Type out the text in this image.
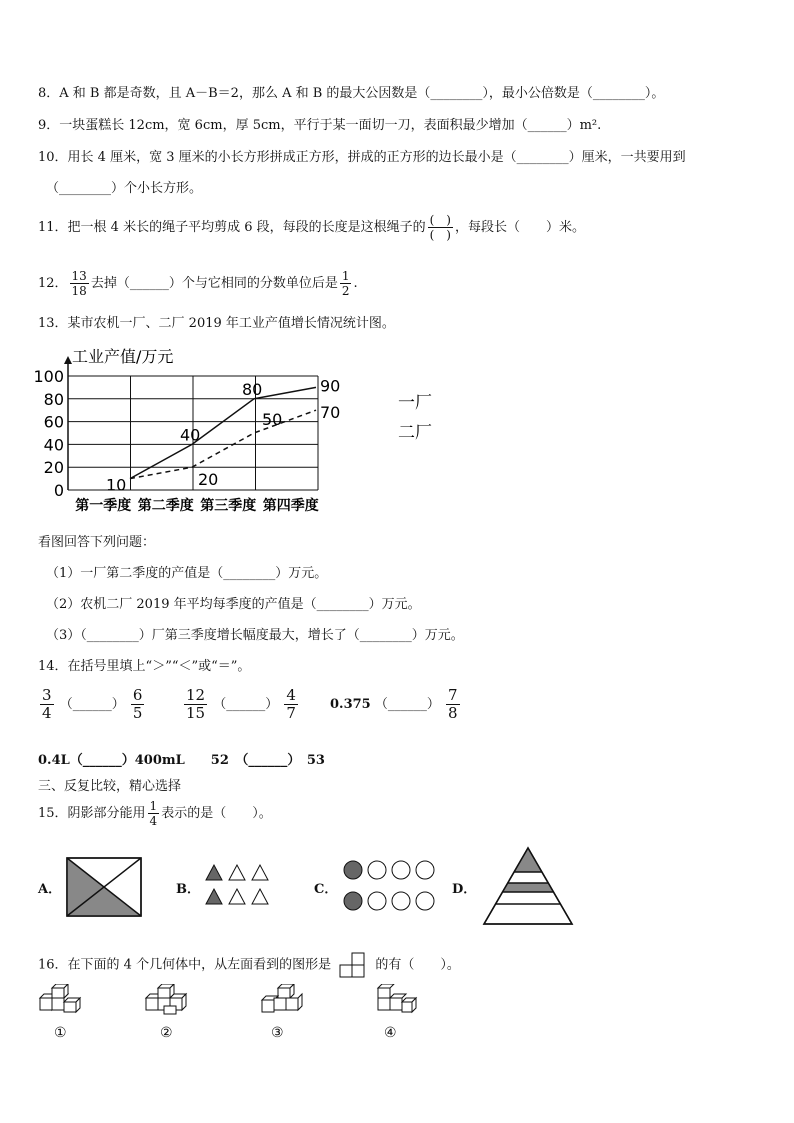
8．A 和 B 都是奇数，且 A－B＝2，那么 A 和 B 的最大公因数是（________），最小公倍数是（________）。
9．一块蛋糕长 12cm，宽 6cm，厚 5cm，平行于某一面切一刀，表面积最少增加（______）m².
10．用长 4 厘米，宽 3 厘米的小长方形拼成正方形，拼成的正方形的边长最小是（________）厘米，一共要用到
（________）个小长方形。
11．把一根 4 米长的绳子平均剪成 6 段，每段的长度是这根绳子的 $\frac{( )}{( )}$ ，每段长（　　）米。
12． $\frac{13}{18}$ 去掉（______）个与它相同的分数单位后是 $\frac{1}{2}$ .
13．某市农机一厂、二厂 2019 年工业产值增长情况统计图。
工业产值/万元
0
20
40
60
80
100
第一季度 第二季度 第三季度 第四季度
10
40
80	90
20
50 70	一厂
二厂
看图回答下列问题：
（1）一厂第二季度的产值是（________）万元。
（2）农机二厂 2019 年平均每季度的产值是（________）万元。
（3）（________）厂第三季度增长幅度最大，增长了（________）万元。
14．在括号里填上“＞”“＜”或“＝”。
$\frac{3}{4}$ （______） $\frac{6}{5}$	$\frac{12}{15}$ （______） $\frac{4}{7} 0.375$ （______） $\frac{7}{8}$
0.4L（______）400mL　　52　（______）　53
三、反复比较，精心选择
15．阴影部分能用 $\frac{1}{4}$ 表示的是（　　）。
A．	B．	C．	D．
16．在下面的 4 个几何体中，从左面看到的图形是	的有（　　）。
①	②	③	④
